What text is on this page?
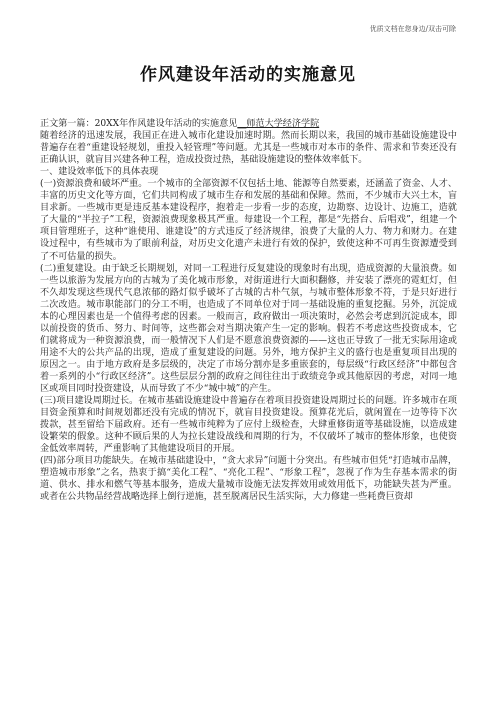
优质文档在您身边/双击可除
作风建设年活动的实施意见

正文第一篇：20XX年作风建设年活动的实施意见__师范大学经济学院

随着经济的迅速发展，我国正在进入城市化建设加速时期。然而长期以来，我国的城市基础设施建设中普遍存在着“重建设轻规划，重投入轻管理”等问题。尤其是一些城市对本市的条件、需求和节奏还没有正确认识，就盲目兴建各种工程，造成投资过热，基础设施建设的整体效率低下。

一、建设效率低下的具体表现

(一)资源浪费和破坏严重。一个城市的全部资源不仅包括土地、能源等自然要素，还涵盖了资金、人才、丰富的历史文化等方面，它们共同构成了城市生存和发展的基础和保障。然而，不少城市大兴土木，盲目求新。一些城市更是违反基本建设程序，抱着走一步看一步的态度，边勘察、边设计、边施工，造就了大量的“半拉子”工程，资源浪费现象极其严重。每建设一个工程，都是“先搭台、后唱戏”，组建一个项目管理班子，这种“谁使用、谁建设”的方式违反了经济规律，浪费了大量的人力、物力和财力。在建设过程中，有些城市为了眼前利益，对历史文化遗产未进行有效的保护，致使这种不可再生资源遭受到了不可估量的损失。

(二)重复建设。由于缺乏长期规划，对同一工程进行反复建设的现象时有出现，造成资源的大量浪费。如一些以旅游为发展方向的古城为了美化城市形象，对街道进行大面积翻修，并安装了漂亮的霓虹灯，但不久却发现这些现代气息浓郁的路灯似乎破坏了古城的古朴气氛，与城市整体形象不符，于是只好进行二次改造。城市职能部门的分工不明，也造成了不同单位对于同一基础设施的重复挖掘。另外，沉淀成本的心理因素也是一个值得考虑的因素。一般而言，政府做出一项决策时，必然会考虑到沉淀成本，即以前投资的货币、努力、时间等，这些都会对当期决策产生一定的影响。假若不考虑这些投资成本，它们就将成为一种资源浪费，而一般情况下人们是不愿意浪费资源的——这也正导致了一批无实际用途或用途不大的公共产品的出现，造成了重复建设的问题。另外，地方保护主义的盛行也是重复项目出现的原因之一。由于地方政府是多层级的，决定了市场分割亦是多重嵌套的，每层级“行政区经济”中都包含着一系列的小“行政区经济”。这些层层分割的政府之间往往出于政绩竞争或其他原因的考虑，对同一地区或项目同时投资建设，从而导致了不少“城中城”的产生。

(三)项目建设周期过长。在城市基础设施建设中普遍存在着项目投资建设周期过长的问题。许多城市在项目资金预算和时间规划都还没有完成的情况下，就盲目投资建设。预算花光后，就闲置在一边等待下次拨款，甚至留给下届政府。还有一些城市纯粹为了应付上级检查，大肆重修街道等基础设施，以造成建设繁荣的假象。这种不顾后果的人为拉长建设战线和周期的行为，不仅破坏了城市的整体形象，也使资金低效率周转，严重影响了其他建设项目的开展。

(四)部分项目功能缺失。在城市基础建设中，“贪大求异”问题十分突出。有些城市但凭“打造城市品牌，塑造城市形象”之名，热衷于搞“美化工程”、“亮化工程”、“形象工程”，忽视了作为生存基本需求的街道、供水、排水和燃气等基本服务，造成大量城市设施无法发挥效用或效用低下，功能缺失甚为严重。或者在公共物品经营战略选择上倒行逆施，甚至脱离居民生活实际，大力修建一些耗费巨资却
